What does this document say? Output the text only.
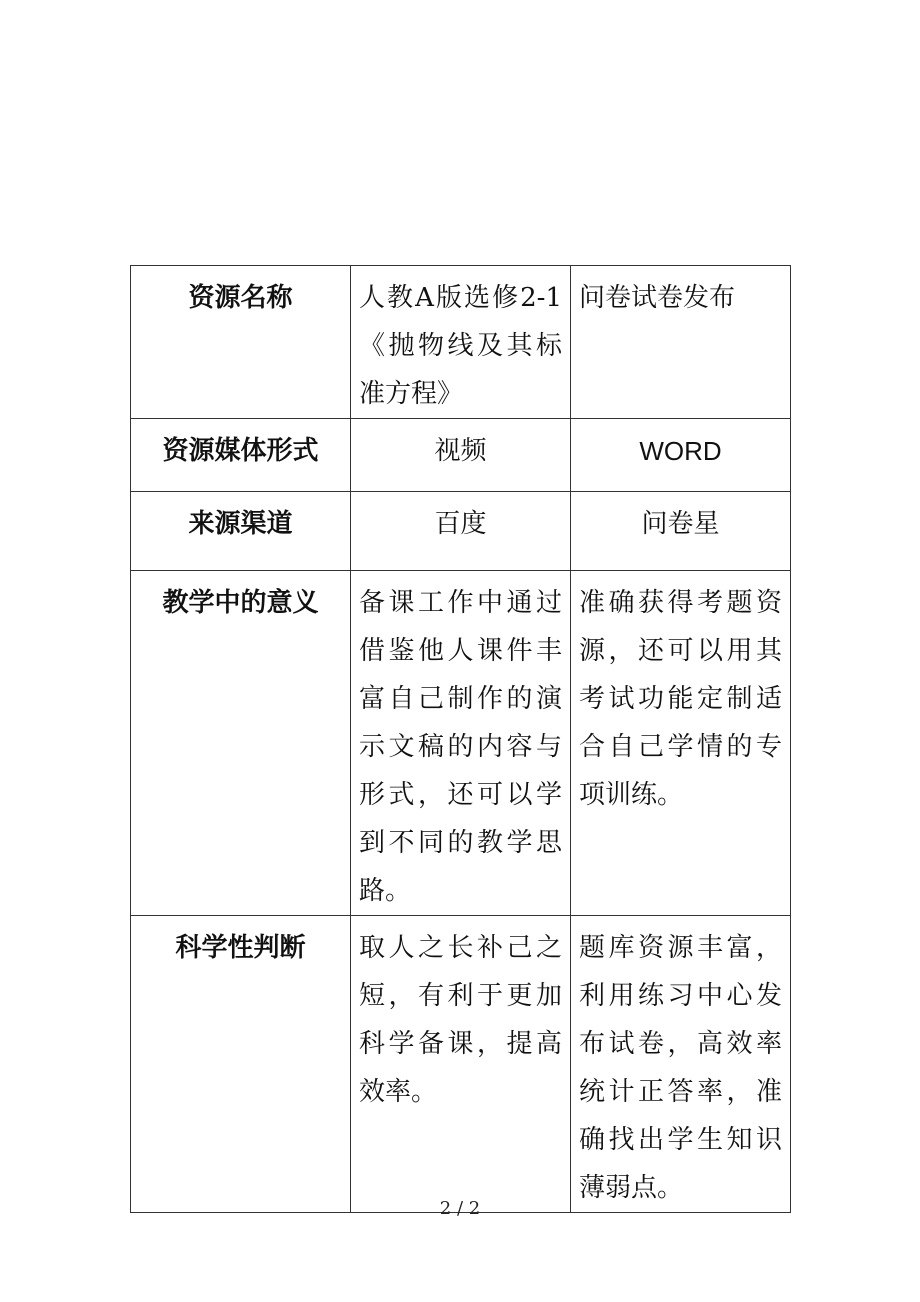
资源名称	人教A版选修2-1《抛物线及其标准方程》	问卷试卷发布
资源媒体形式	视频	WORD
来源渠道	百度	问卷星
教学中的意义	备课工作中通过借鉴他人课件丰富自己制作的演示文稿的内容与形式，还可以学到不同的教学思路。	准确获得考题资源，还可以用其考试功能定制适合自己学情的专项训练。
科学性判断	取人之长补己之短，有利于更加科学备课，提高效率。	题库资源丰富，利用练习中心发布试卷，高效率统计正答率，准确找出学生知识薄弱点。
2 / 2
